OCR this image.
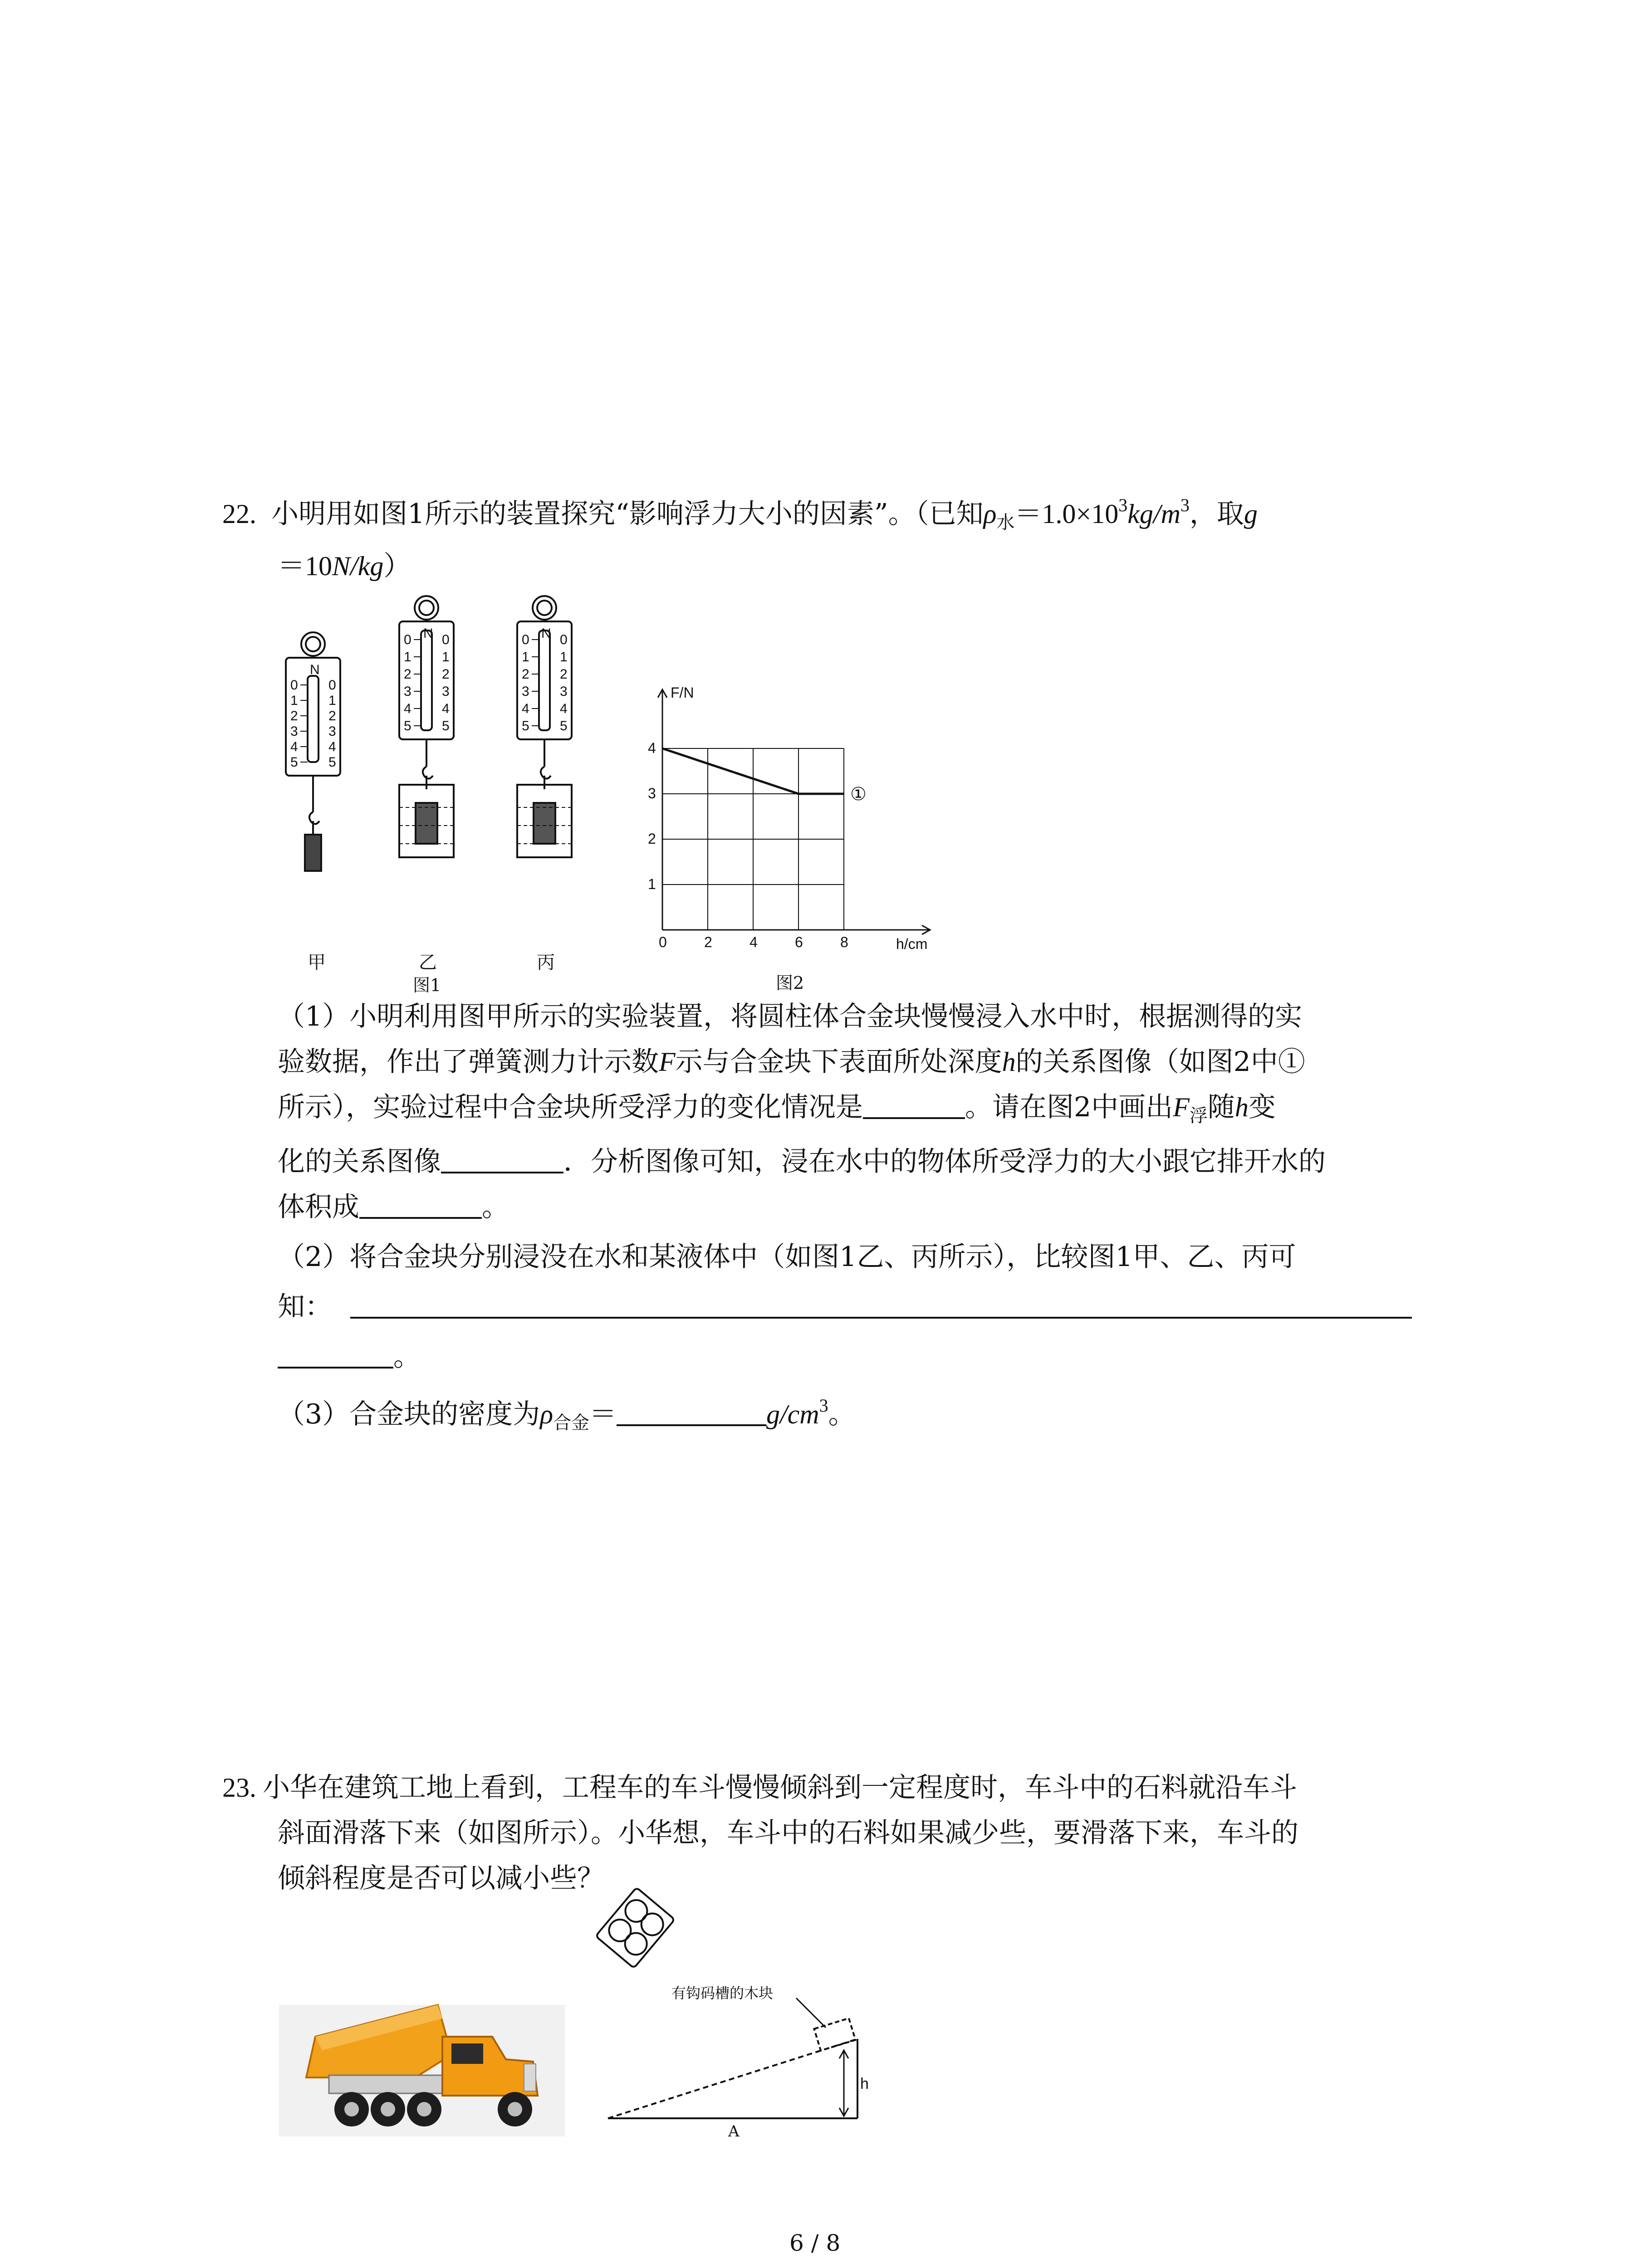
22. 小明用如图1所示的装置探究“影响浮力大小的因素”。（已知$\rho_水=1.0\times 10^3kg/m^3$，取g
＝10N/kg）
N
N	N
0 0
1 1
2 2
3 3
4 4
5 5
0 0
1 1
2 2
3 3
4 4
5 5
0 0
1 1
2 2
3 3
4 4
5 5
甲	乙	丙
图1
F/N
h/cm
0	2	4	6	8
1
2
3
4
①
图2
（1）小明利用图甲所示的实验装置，将圆柱体合金块慢慢浸入水中时，根据测得的实
验数据，作出了弹簧测力计示数F示与合金块下表面所处深度h的关系图像（如图2中①
所示），实验过程中合金块所受浮力的变化情况是	。请在图2中画出$F_浮$随h变
化的关系图像	．分析图像可知，浸在水中的物体所受浮力的大小跟它排开水的
体积成	。
（2）将合金块分别浸没在水和某液体中（如图1乙、丙所示），比较图1甲、乙、丙可
知：
。
（3）合金块的密度为$\rho_{合金}=$	$g/cm^3$。
23. 小华在建筑工地上看到，工程车的车斗慢慢倾斜到一定程度时，车斗中的石料就沿车斗
斜面滑落下来（如图所示）。小华想，车斗中的石料如果减少些，要滑落下来，车斗的
倾斜程度是否可以减小些？
有钩码槽的木块
h
A
6 / 8
